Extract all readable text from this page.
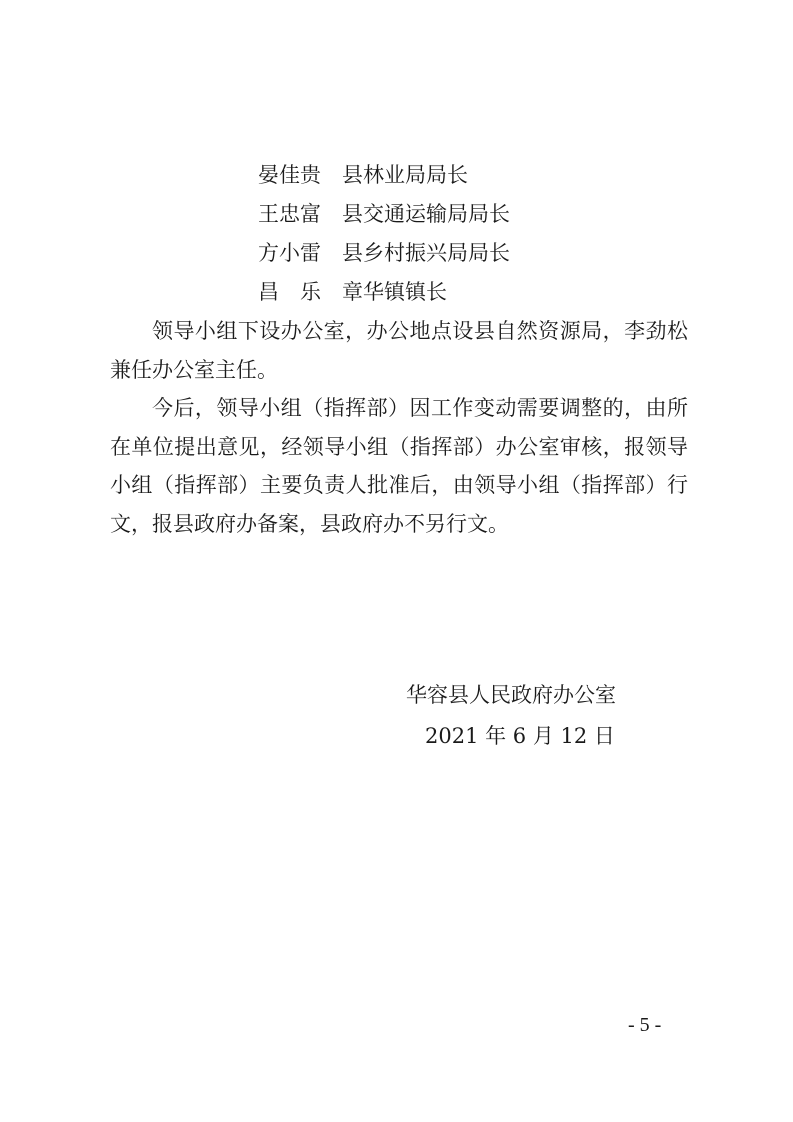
晏佳贵 县林业局局长
王忠富 县交通运输局局长
方小雷 县乡村振兴局局长
昌　乐 章华镇镇长

领导小组下设办公室，办公地点设县自然资源局，李劲松兼任办公室主任。

今后，领导小组（指挥部）因工作变动需要调整的，由所在单位提出意见，经领导小组（指挥部）办公室审核，报领导小组（指挥部）主要负责人批准后，由领导小组（指挥部）行文，报县政府办备案，县政府办不另行文。

华容县人民政府办公室
2021 年 6 月 12 日
- 5 -
